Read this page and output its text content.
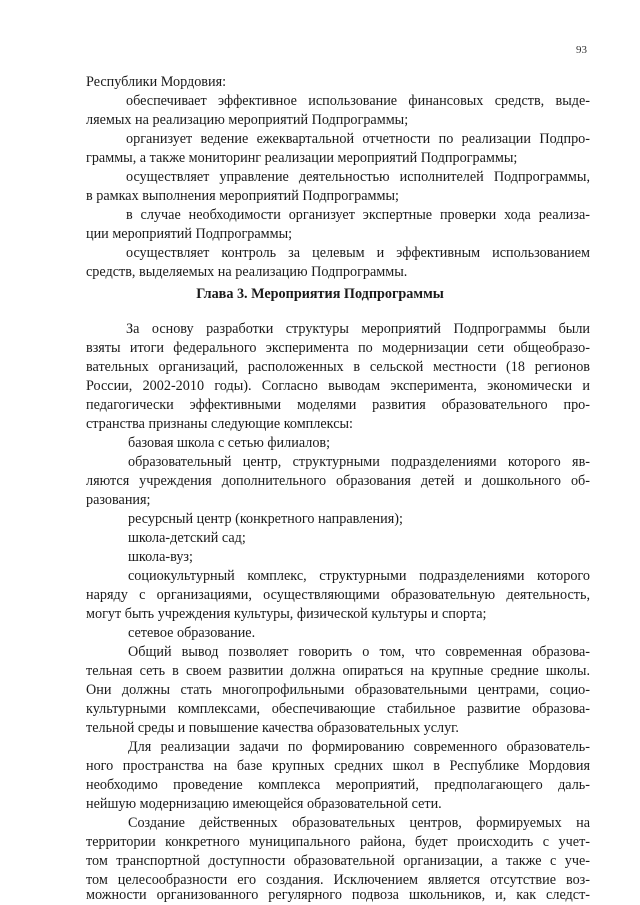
93
Республики Мордовия:
обеспечивает эффективное использование финансовых средств, выде-
ляемых на реализацию мероприятий Подпрограммы;
организует ведение ежеквартальной отчетности по реализации Подпро-
граммы, а также мониторинг реализации мероприятий Подпрограммы;
осуществляет управление деятельностью исполнителей Подпрограммы,
в рамках выполнения мероприятий Подпрограммы;
в случае необходимости организует экспертные проверки хода реализа-
ции мероприятий Подпрограммы;
осуществляет контроль за целевым и эффективным использованием
средств, выделяемых на реализацию Подпрограммы.
Глава 3. Мероприятия Подпрограммы
За основу разработки структуры мероприятий Подпрограммы были
взяты итоги федерального эксперимента по модернизации сети общеобразо-
вательных организаций, расположенных в сельской местности (18 регионов
России, 2002-2010 годы). Согласно выводам эксперимента, экономически и
педагогически эффективными моделями развития образовательного про-
странства признаны следующие комплексы:
базовая школа с сетью филиалов;
образовательный центр, структурными подразделениями которого яв-
ляются учреждения дополнительного образования детей и дошкольного об-
разования;
ресурсный центр (конкретного направления);
школа-детский сад;
школа-вуз;
социокультурный комплекс, структурными подразделениями которого
наряду с организациями, осуществляющими образовательную деятельность,
могут быть учреждения культуры, физической культуры и спорта;
сетевое образование.
Общий вывод позволяет говорить о том, что современная образова-
тельная сеть в своем развитии должна опираться на крупные средние школы.
Они должны стать многопрофильными образовательными центрами, социо-
культурными комплексами, обеспечивающие стабильное развитие образова-
тельной среды и повышение качества образовательных услуг.
Для реализации задачи по формированию современного образователь-
ного пространства на базе крупных средних школ в Республике Мордовия
необходимо проведение комплекса мероприятий, предполагающего даль-
нейшую модернизацию имеющейся образовательной сети.
Создание действенных образовательных центров, формируемых на
территории конкретного муниципального района, будет происходить с учет-
том транспортной доступности образовательной организации, а также с уче-
том целесообразности его создания. Исключением является отсутствие воз-
можности организованного регулярного подвоза школьников, и, как следст-
